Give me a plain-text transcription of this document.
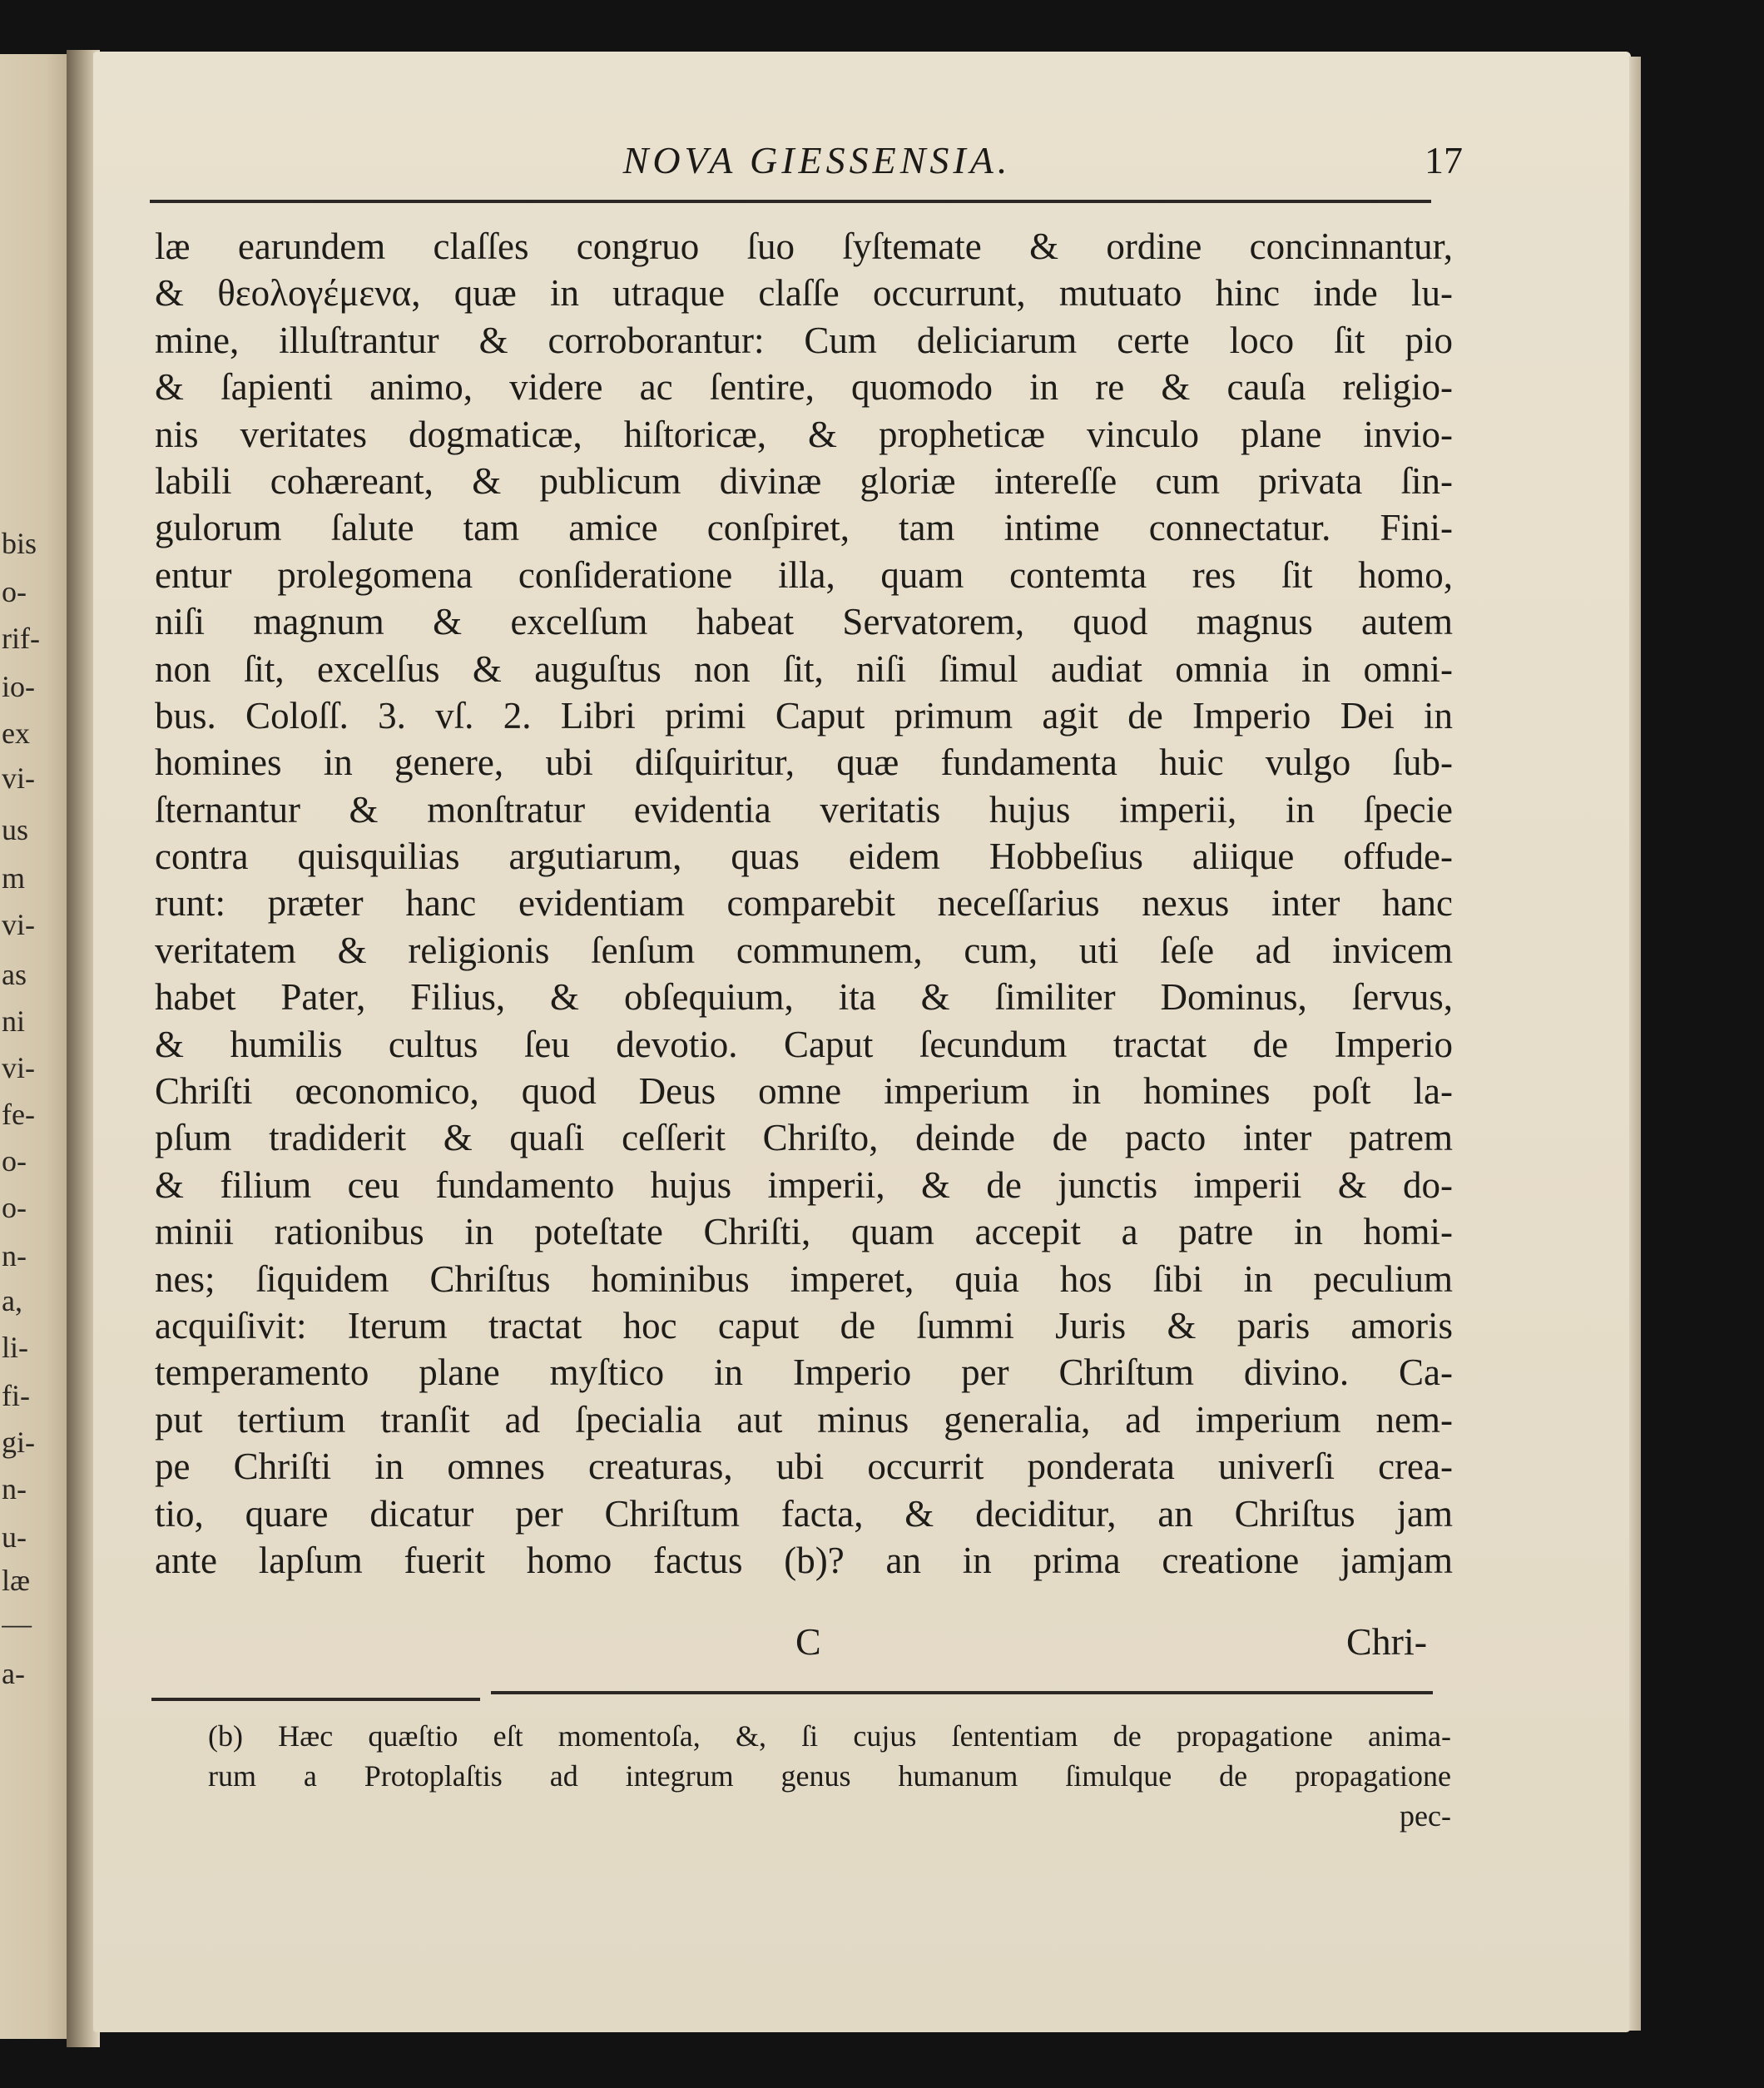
bis
o-
rif-
io-
ex
vi-
us
m
vi-
as
ni
vi-
fe-
o-
o-
n-
a,
li-
fi-
gi-
n-
u-
læ
—
a-
NOVA GIESSENSIA.	17
læ earundem claſſes congruo ſuo ſyſtemate & ordine concinnantur,
& θεολογέμενα, quæ in utraque claſſe occurrunt, mutuato hinc inde lu-
mine, illuſtrantur & corroborantur: Cum deliciarum certe loco ſit pio
& ſapienti animo, videre ac ſentire, quomodo in re & cauſa religio-
nis veritates dogmaticæ, hiſtoricæ, & propheticæ vinculo plane invio-
labili cohæreant, & publicum divinæ gloriæ intereſſe cum privata ſin-
gulorum ſalute tam amice conſpiret, tam intime connectatur. Fini-
entur prolegomena conſideratione illa, quam contemta res ſit homo,
niſi magnum & excelſum habeat Servatorem, quod magnus autem
non ſit, excelſus & auguſtus non ſit, niſi ſimul audiat omnia in omni-
bus. Coloſſ. 3. vſ. 2. Libri primi Caput primum agit de Imperio Dei in
homines in genere, ubi diſquiritur, quæ fundamenta huic vulgo ſub-
ſternantur & monſtratur evidentia veritatis hujus imperii, in ſpecie
contra quisquilias argutiarum, quas eidem Hobbeſius aliique offude-
runt: præter hanc evidentiam comparebit neceſſarius nexus inter hanc
veritatem & religionis ſenſum communem, cum, uti ſeſe ad invicem
habet Pater, Filius, & obſequium, ita & ſimiliter Dominus, ſervus,
& humilis cultus ſeu devotio. Caput ſecundum tractat de Imperio
Chriſti œconomico, quod Deus omne imperium in homines poſt la-
pſum tradiderit & quaſi ceſſerit Chriſto, deinde de pacto inter patrem
& filium ceu fundamento hujus imperii, & de junctis imperii & do-
minii rationibus in poteſtate Chriſti, quam accepit a patre in homi-
nes; ſiquidem Chriſtus hominibus imperet, quia hos ſibi in peculium
acquiſivit: Iterum tractat hoc caput de ſummi Juris & paris amoris
temperamento plane myſtico in Imperio per Chriſtum divino. Ca-
put tertium tranſit ad ſpecialia aut minus generalia, ad imperium nem-
pe Chriſti in omnes creaturas, ubi occurrit ponderata univerſi crea-
tio, quare dicatur per Chriſtum facta, & deciditur, an Chriſtus jam
ante lapſum fuerit homo factus (b)? an in prima creatione jamjam
C	Chri-
(b) Hæc quæſtio eſt momentoſa, &, ſi cujus ſententiam de propagatione anima-
rum a Protoplaſtis ad integrum genus humanum ſimulque de propagatione
pec-
